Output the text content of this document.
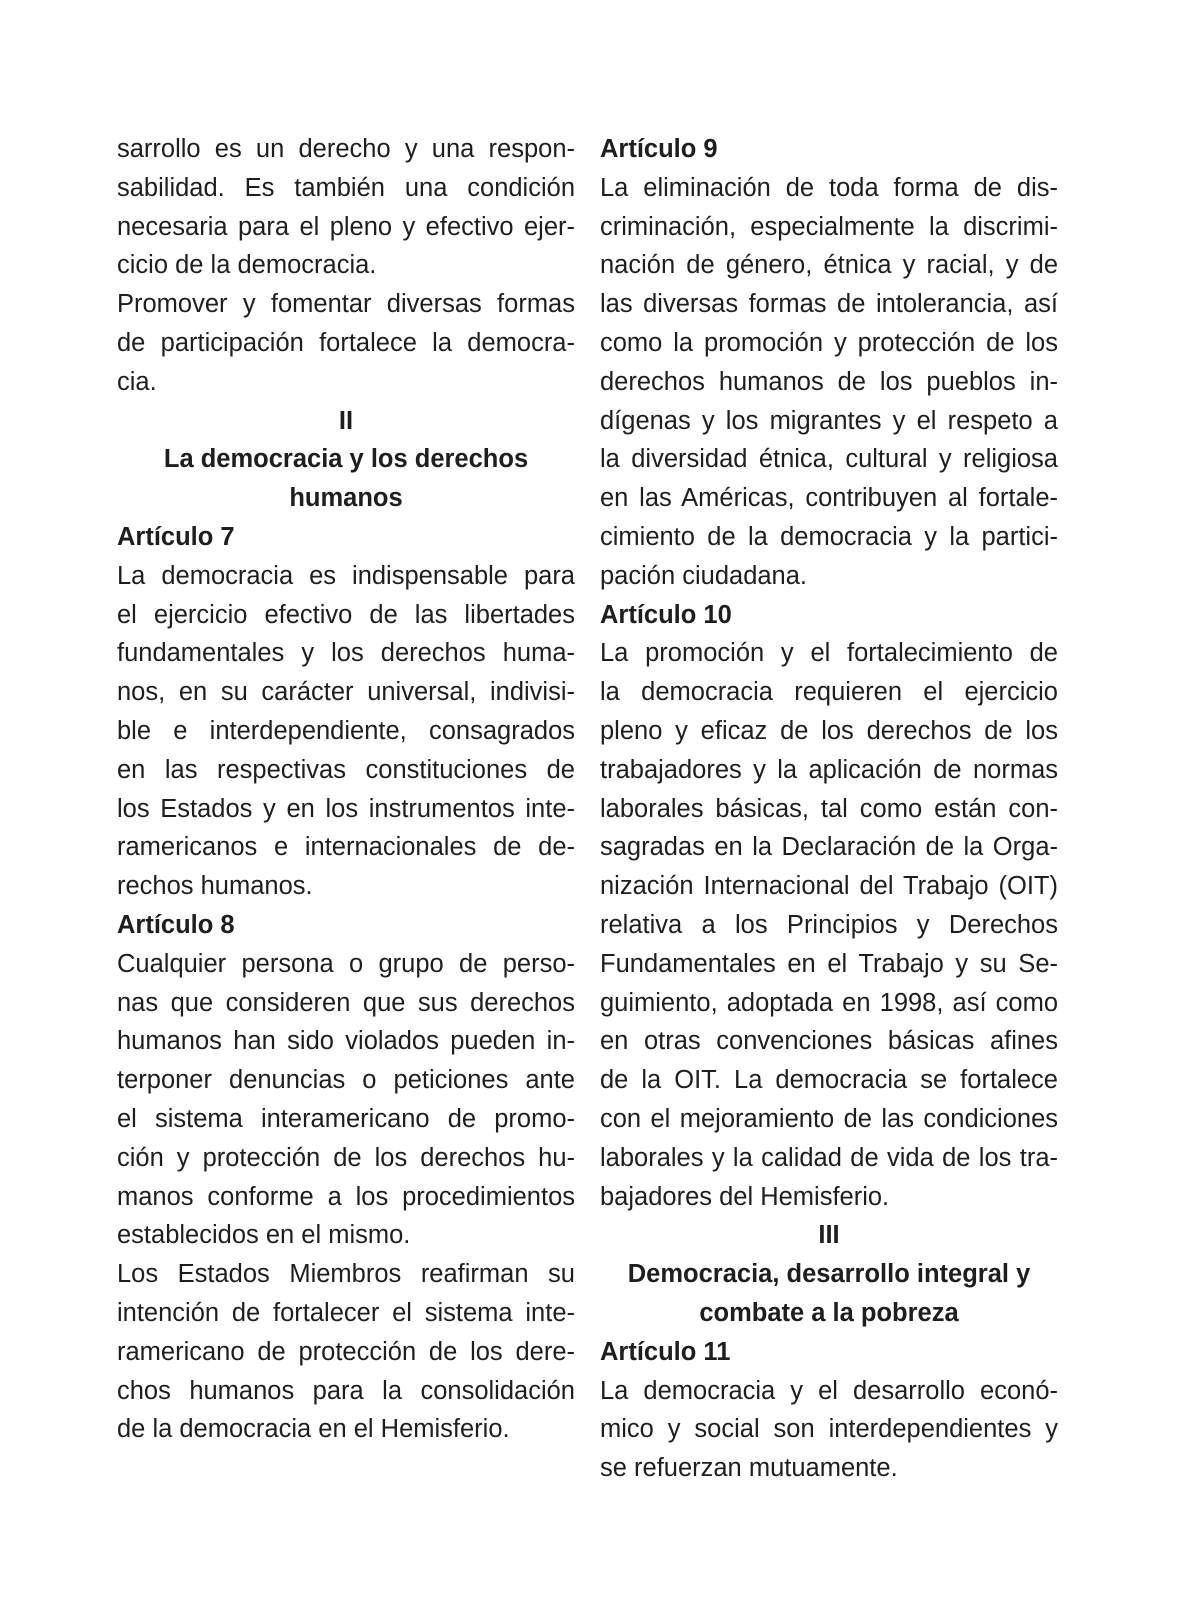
sarrollo es un derecho y una respon-
sabilidad. Es también una condición
necesaria para el pleno y efectivo ejer-
cicio de la democracia.
Promover y fomentar diversas formas
de participación fortalece la democra-
cia.
II
La democracia y los derechos
humanos
Artículo 7
La democracia es indispensable para
el ejercicio efectivo de las libertades
fundamentales y los derechos huma-
nos, en su carácter universal, indivisi-
ble e interdependiente, consagrados
en las respectivas constituciones de
los Estados y en los instrumentos inte-
ramericanos e internacionales de de-
rechos humanos.
Artículo 8
Cualquier persona o grupo de perso-
nas que consideren que sus derechos
humanos han sido violados pueden in-
terponer denuncias o peticiones ante
el sistema interamericano de promo-
ción y protección de los derechos hu-
manos conforme a los procedimientos
establecidos en el mismo.
Los Estados Miembros reafirman su
intención de fortalecer el sistema inte-
ramericano de protección de los dere-
chos humanos para la consolidación
de la democracia en el Hemisferio.
Artículo 9
La eliminación de toda forma de dis-
criminación, especialmente la discrimi-
nación de género, étnica y racial, y de
las diversas formas de intolerancia, así
como la promoción y protección de los
derechos humanos de los pueblos in-
dígenas y los migrantes y el respeto a
la diversidad étnica, cultural y religiosa
en las Américas, contribuyen al fortale-
cimiento de la democracia y la partici-
pación ciudadana.
Artículo 10
La promoción y el fortalecimiento de
la democracia requieren el ejercicio
pleno y eficaz de los derechos de los
trabajadores y la aplicación de normas
laborales básicas, tal como están con-
sagradas en la Declaración de la Orga-
nización Internacional del Trabajo (OIT)
relativa a los Principios y Derechos
Fundamentales en el Trabajo y su Se-
guimiento, adoptada en 1998, así como
en otras convenciones básicas afines
de la OIT. La democracia se fortalece
con el mejoramiento de las condiciones
laborales y la calidad de vida de los tra-
bajadores del Hemisferio.
III
Democracia, desarrollo integral y
combate a la pobreza
Artículo 11
La democracia y el desarrollo econó-
mico y social son interdependientes y
se refuerzan mutuamente.
